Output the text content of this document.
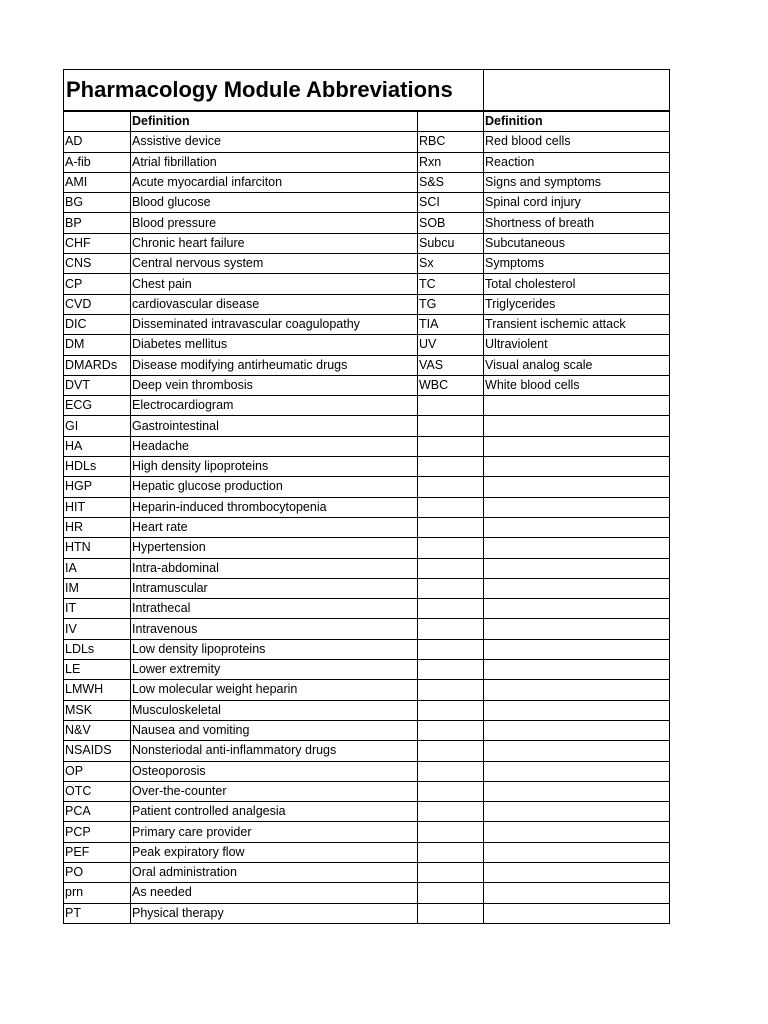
Pharmacology Module Abbreviations			
	Definition		Definition
AD	Assistive device	RBC	Red blood cells
A-fib	Atrial fibrillation	Rxn	Reaction
AMI	Acute myocardial infarciton	S&S	Signs and symptoms
BG	Blood glucose	SCI	Spinal cord injury
BP	Blood pressure	SOB	Shortness of breath
CHF	Chronic heart failure	Subcu	Subcutaneous
CNS	Central nervous system	Sx	Symptoms
CP	Chest pain	TC	Total cholesterol
CVD	cardiovascular disease	TG	Triglycerides
DIC	Disseminated intravascular coagulopathy	TIA	Transient ischemic attack
DM	Diabetes mellitus	UV	Ultraviolent
DMARDs	Disease modifying antirheumatic drugs	VAS	Visual analog scale
DVT	Deep vein thrombosis	WBC	White blood cells
ECG	Electrocardiogram		
GI	Gastrointestinal		
HA	Headache		
HDLs	High density lipoproteins		
HGP	Hepatic glucose production		
HIT	Heparin-induced thrombocytopenia		
HR	Heart rate		
HTN	Hypertension		
IA	Intra-abdominal		
IM	Intramuscular		
IT	Intrathecal		
IV	Intravenous		
LDLs	Low density lipoproteins		
LE	Lower extremity		
LMWH	Low molecular weight heparin		
MSK	Musculoskeletal		
N&V	Nausea and vomiting		
NSAIDS	Nonsteriodal anti-inflammatory drugs		
OP	Osteoporosis		
OTC	Over-the-counter		
PCA	Patient controlled analgesia		
PCP	Primary care provider		
PEF	Peak expiratory flow		
PO	Oral administration		
prn	As needed		
PT	Physical therapy		
